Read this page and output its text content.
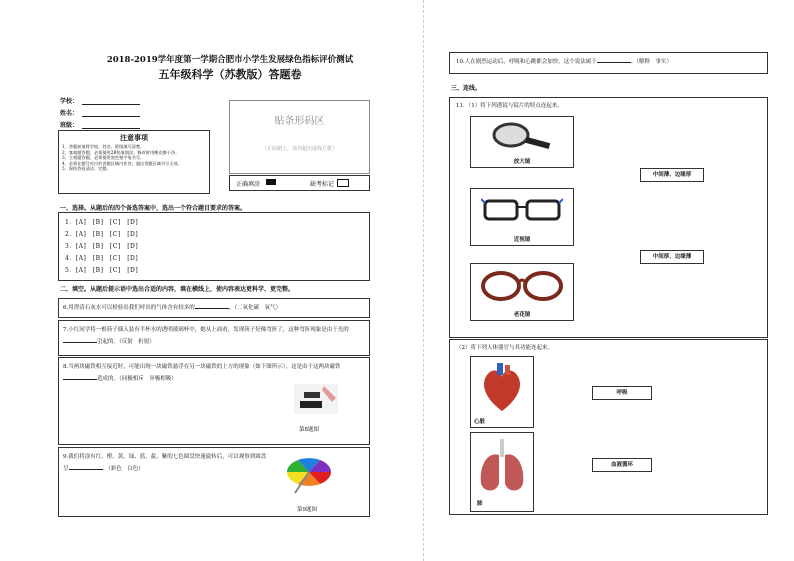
2018-2019学年度第一学期合肥市小学生发展绿色指标评价测试
五年级科学（苏教版）答题卷
学校：
姓名：
班级：
注意事项
1、答题前请将学校、姓名、班级填写清楚。
2、客观题答题，必须使用2B铅笔填涂，修改时用橡皮擦干净。
3、主观题答题，必须使用黑色签字笔书写。
4、必须在题号对应的答题区域内作答，超出答题区域书写无效。
5、保持答卷清洁、完整。
贴条形码区
（正面朝上，请勿超出虚线方框）
正确填涂	缺考标记
一、选择。从题后的四个备选答案中，选出一个符合题目要求的答案。
1．[A]　[B]　[C]　[D]
2．[A]　[B]　[C]　[D]
3．[A]　[B]　[C]　[D]
4．[A]　[B]　[C]　[D]
5．[A]　[B]　[C]　[D]
二、填空。从题后提示语中选出合适的内容，填在横线上，使内容表达更科学、更完整。
6.用澄清石灰水可以检验出我们呼出的气体含有较多的	。（二氧化碳　氧气）
7.小红同学将一根筷子插入装有半杯水的透明玻璃杯中，她从上面看，发现筷子好像弯折了，这种弯折现象是由于光的引起的。（反射　折射）
8.当两块磁铁相互接近时，可能出现一块磁铁悬浮在另一块磁铁的上方的现象（如下图所示），这是由于这两块磁铁造成的。（同极相斥　异极相吸）
第8题图
9.我们将涂有红、橙、黄、绿、蓝、靛、紫的七色圆盘快速旋转后，可以观察到圆盘呈	。（彩色　白色）
第9题图
10.人在剧烈运动后，呼吸和心跳都会加快。这个说法属于	。（解释　事实）
三、连线。
11．（1）将下列透镜与镜片的特点连起来。
放大镜
近视镜
老花镜
中间薄、边缘厚
中间厚、边缘薄
（2）将下列人体器官与其功能连起来。
心脏
肺
呼吸
血液循环
